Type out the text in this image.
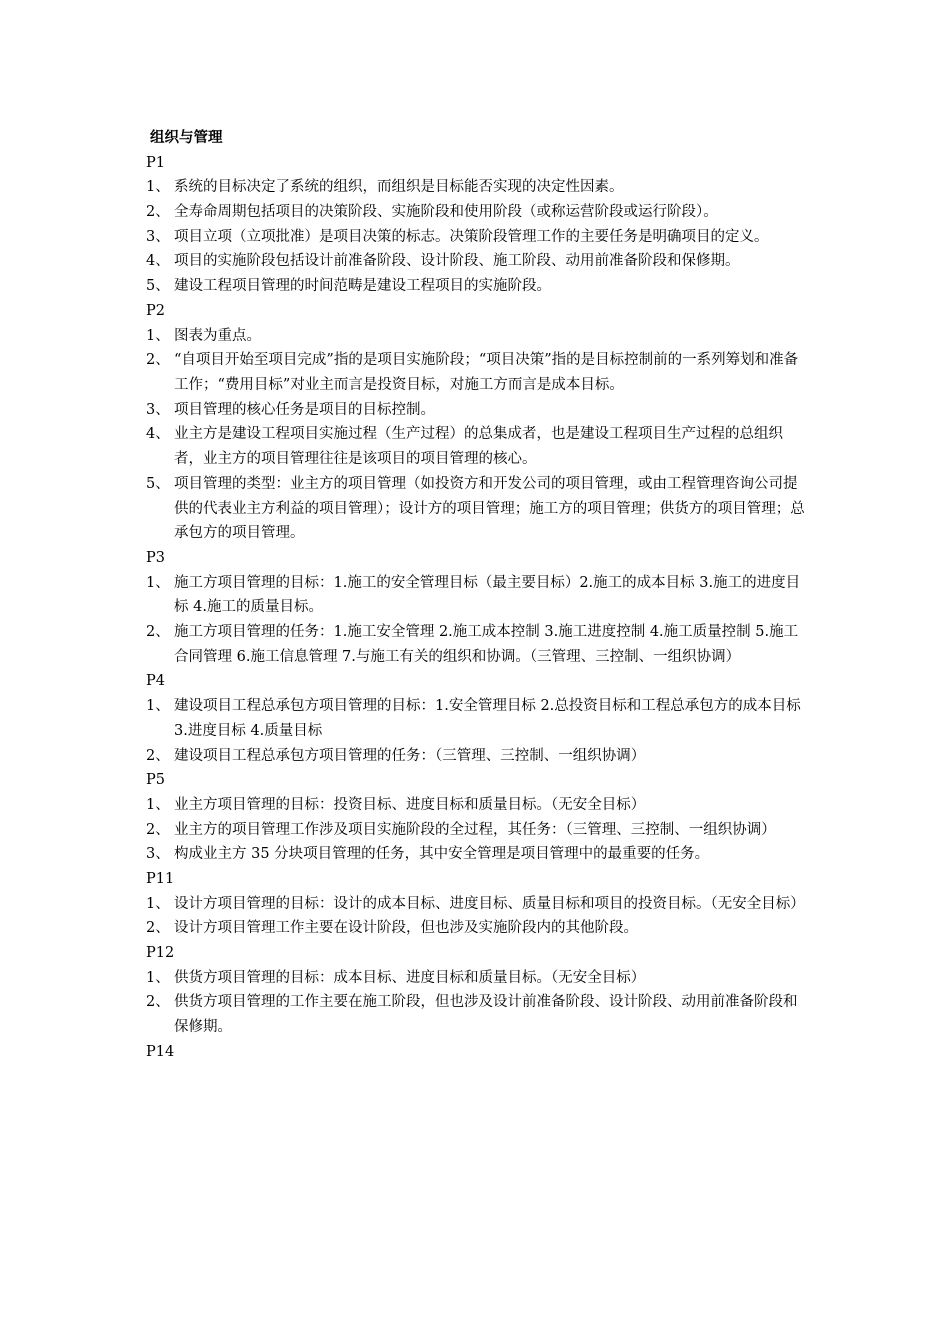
组织与管理
P1
1、 系统的目标决定了系统的组织，而组织是目标能否实现的决定性因素。
2、 全寿命周期包括项目的决策阶段、实施阶段和使用阶段（或称运营阶段或运行阶段）。
3、 项目立项（立项批准）是项目决策的标志。决策阶段管理工作的主要任务是明确项目的定义。
4、 项目的实施阶段包括设计前准备阶段、设计阶段、施工阶段、动用前准备阶段和保修期。
5、 建设工程项目管理的时间范畴是建设工程项目的实施阶段。
P2
1、 图表为重点。
2、 “自项目开始至项目完成”指的是项目实施阶段；“项目决策”指的是目标控制前的一系列筹划和准备工作；“费用目标”对业主而言是投资目标，对施工方而言是成本目标。
3、 项目管理的核心任务是项目的目标控制。
4、 业主方是建设工程项目实施过程（生产过程）的总集成者，也是建设工程项目生产过程的总组织者，业主方的项目管理往往是该项目的项目管理的核心。
5、 项目管理的类型：业主方的项目管理（如投资方和开发公司的项目管理，或由工程管理咨询公司提供的代表业主方利益的项目管理）；设计方的项目管理；施工方的项目管理；供货方的项目管理；总承包方的项目管理。
P3
1、 施工方项目管理的目标：1.施工的安全管理目标（最主要目标）2.施工的成本目标 3.施工的进度目标 4.施工的质量目标。
2、 施工方项目管理的任务：1.施工安全管理 2.施工成本控制 3.施工进度控制 4.施工质量控制 5.施工合同管理 6.施工信息管理 7.与施工有关的组织和协调。（三管理、三控制、一组织协调）
P4
1、 建设项目工程总承包方项目管理的目标：1.安全管理目标 2.总投资目标和工程总承包方的成本目标 3.进度目标 4.质量目标
2、 建设项目工程总承包方项目管理的任务：（三管理、三控制、一组织协调）
P5
1、 业主方项目管理的目标：投资目标、进度目标和质量目标。（无安全目标）
2、 业主方的项目管理工作涉及项目实施阶段的全过程，其任务：（三管理、三控制、一组织协调）
3、 构成业主方 35 分块项目管理的任务，其中安全管理是项目管理中的最重要的任务。
P11
1、 设计方项目管理的目标：设计的成本目标、进度目标、质量目标和项目的投资目标。（无安全目标）
2、 设计方项目管理工作主要在设计阶段，但也涉及实施阶段内的其他阶段。
P12
1、 供货方项目管理的目标：成本目标、进度目标和质量目标。（无安全目标）
2、 供货方项目管理的工作主要在施工阶段，但也涉及设计前准备阶段、设计阶段、动用前准备阶段和保修期。
P14
